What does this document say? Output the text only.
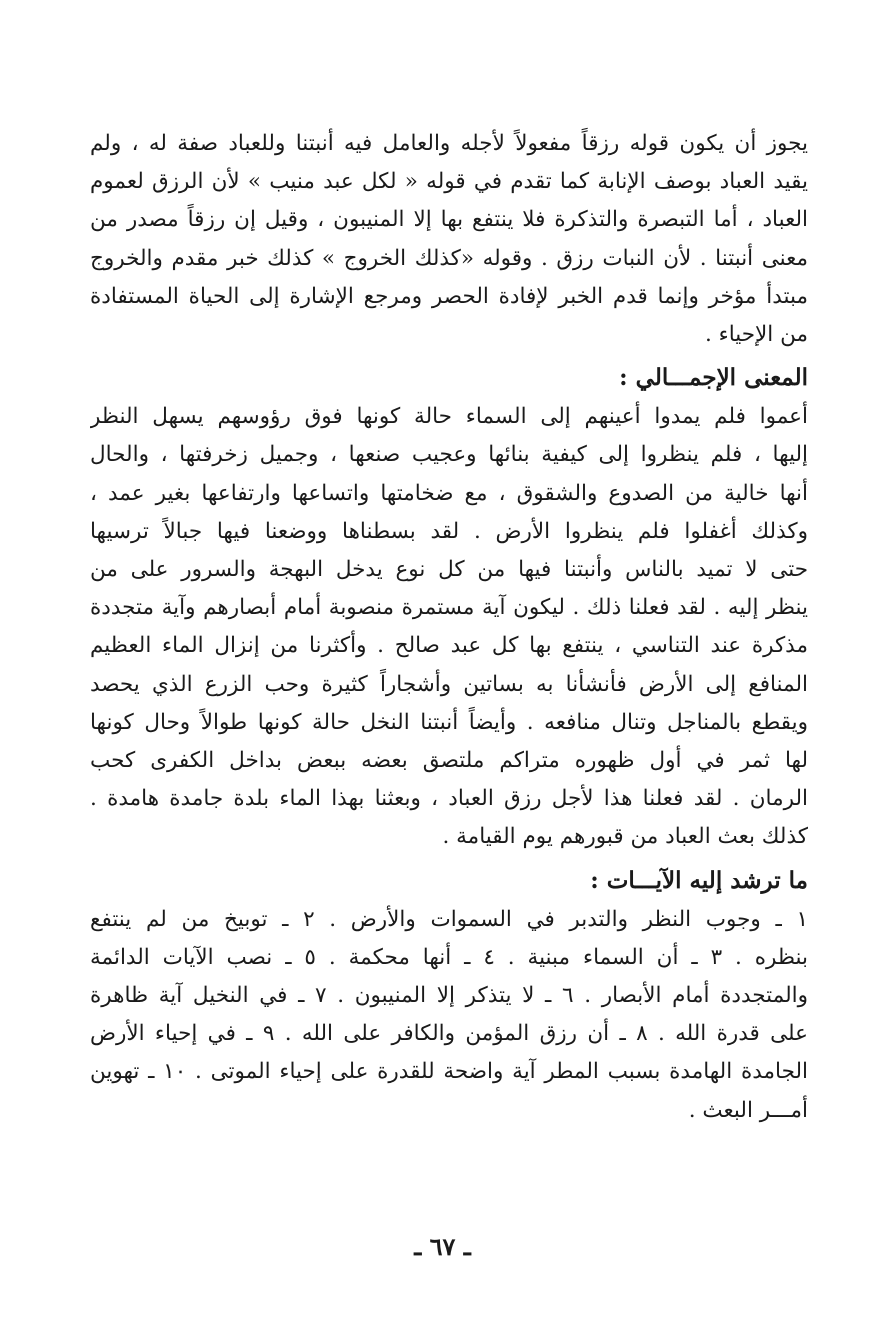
يجوز أن يكون قوله رزقاً مفعولاً لأجله والعامل فيه أنبتنا وللعباد صفة له ، ولم

يقيد العباد بوصف الإنابة كما تقدم في قوله « لكل عبد منيب » لأن الرزق لعموم

العباد ، أما التبصرة والتذكرة فلا ينتفع بها إلا المنيبون ، وقيل إن رزقاً مصدر من

معنى أنبتنا . لأن النبات رزق . وقوله «كذلك الخروج » كذلك خبر مقدم والخروج

مبتدأ مؤخر وإنما قدم الخبر لإفادة الحصر ومرجع الإشارة إلى الحياة المستفادة

من الإحياء .

المعنى الإجمـــالي :

أعموا فلم يمدوا أعينهم إلى السماء حالة كونها فوق رؤوسهم يسهل النظر

إليها ، فلم ينظروا إلى كيفية بنائها وعجيب صنعها ، وجميل زخرفتها ، والحال

أنها خالية من الصدوع والشقوق ، مع ضخامتها واتساعها وارتفاعها بغير عمد ،

وكذلك أغفلوا فلم ينظروا الأرض . لقد بسطناها ووضعنا فيها جبالاً ترسيها

حتى لا تميد بالناس وأنبتنا فيها من كل نوع يدخل البهجة والسرور على من

ينظر إليه . لقد فعلنا ذلك . ليكون آية مستمرة منصوبة أمام أبصارهم وآية متجددة

مذكرة عند التناسي ، ينتفع بها كل عبد صالح . وأكثرنا من إنزال الماء العظيم

المنافع إلى الأرض فأنشأنا به بساتين وأشجاراً كثيرة وحب الزرع الذي يحصد

ويقطع بالمناجل وتنال منافعه . وأيضاً أنبتنا النخل حالة كونها طوالاً وحال كونها

لها ثمر في أول ظهوره متراكم ملتصق بعضه ببعض بداخل الكفرى كحب

الرمان . لقد فعلنا هذا لأجل رزق العباد ، وبعثنا بهذا الماء بلدة جامدة هامدة .

كذلك بعث العباد من قبورهم يوم القيامة .

ما ترشد إليه الآيـــات :

١ ـ وجوب النظر والتدبر في السموات والأرض . ٢ ـ توبيخ من لم ينتفع

بنظره . ٣ ـ أن السماء مبنية . ٤ ـ أنها محكمة . ٥ ـ نصب الآيات الدائمة

والمتجددة أمام الأبصار . ٦ ـ لا يتذكر إلا المنيبون . ٧ ـ في النخيل آية ظاهرة

على قدرة الله . ٨ ـ أن رزق المؤمن والكافر على الله . ٩ ـ في إحياء الأرض

الجامدة الهامدة بسبب المطر آية واضحة للقدرة على إحياء الموتى . ١٠ ـ تهوين

أمـــر البعث .

ـ ٦٧ ـ
